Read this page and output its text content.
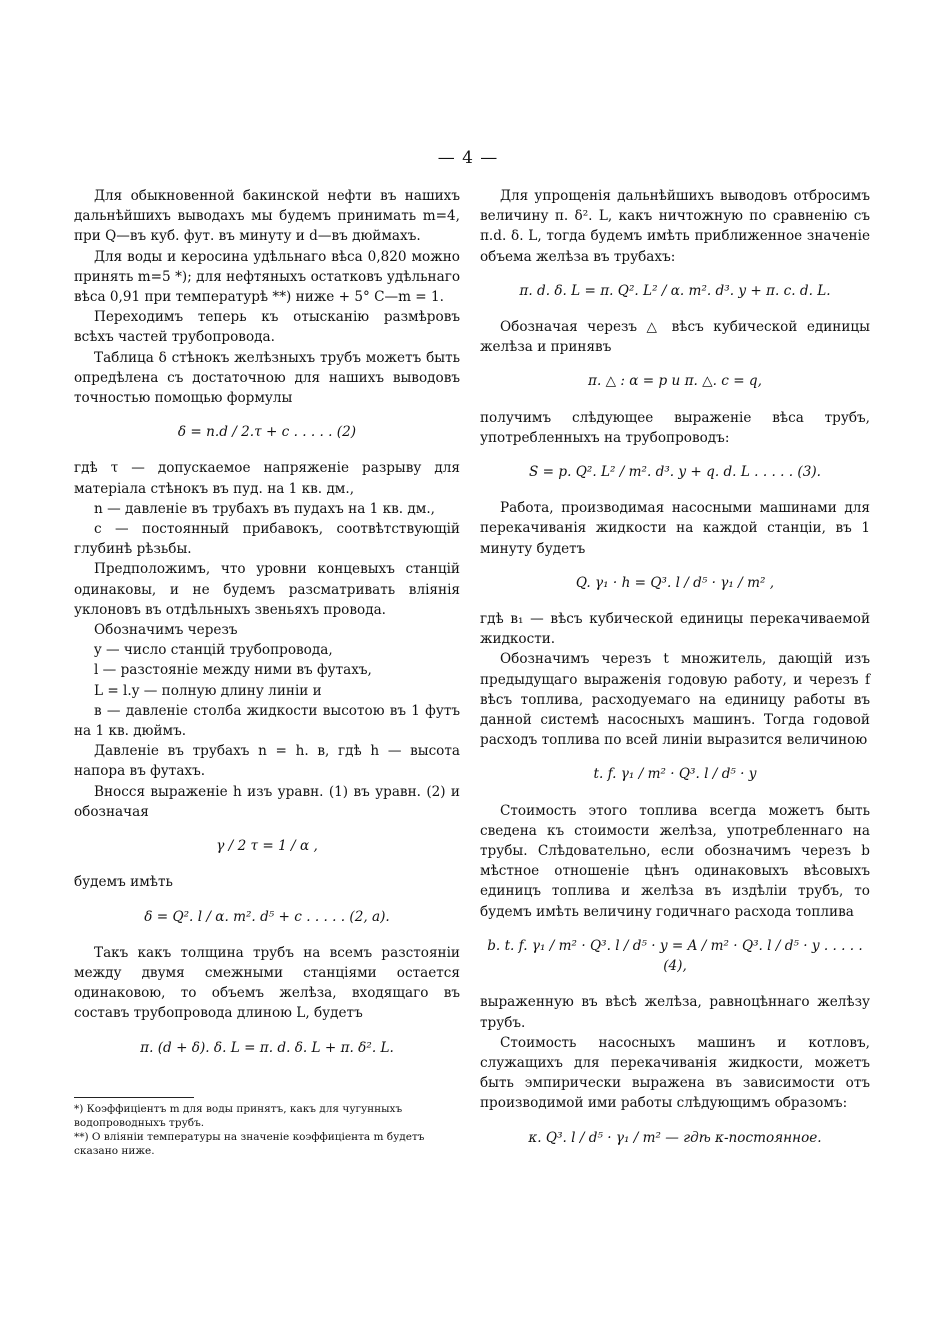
— 4 —

Для обыкновенной бакинской нефти въ нашихъ дальнѣйшихъ выводахъ мы будемъ принимать m=4, при Q—въ куб. фут. въ минуту и d—въ дюймахъ.

Для воды и керосина удѣльнаго вѣса 0,820 можно принять m=5 *); для нефтяныхъ остатковъ удѣльнаго вѣса 0,91 при температурѣ **) ниже + 5° C—m = 1.

Переходимъ теперь къ отысканію размѣровъ всѣхъ частей трубопровода.

Таблица δ стѣнокъ желѣзныхъ трубъ можетъ быть опредѣлена съ достаточною для нашихъ выводовъ точностью помощью формулы

δ = n.d / 2.τ + c . . . . . (2)

гдѣ τ — допускаемое напряженіе разрыву для матеріала стѣнокъ въ пуд. на 1 кв. дм.,

n — давленіе въ трубахъ въ пудахъ на 1 кв. дм.,

c — постоянный прибавокъ, соотвѣтствующій глубинѣ рѣзьбы.

Предположимъ, что уровни концевыхъ станцій одинаковы, и не будемъ разсматривать вліянія уклоновъ въ отдѣльныхъ звеньяхъ провода.

Обозначимъ черезъ

y — число станцій трубопровода,

l — разстояніе между ними въ футахъ,

L = l.y — полную длину линіи и

в — давленіе столба жидкости высотою въ 1 футъ на 1 кв. дюймъ.

Давленіе въ трубахъ n = h. в, гдѣ h — высота напора въ футахъ.

Вносся выраженіе h изъ уравн. (1) въ уравн. (2) и обозначая

γ / 2 τ = 1 / α ,

будемъ имѣть

δ = Q². l / α. m². d⁵ + c . . . . . (2, a).

Такъ какъ толщина трубъ на всемъ разстояніи между двумя смежными станціями остается одинаковою, то объемъ желѣза, входящаго въ составъ трубопровода длиною L, будетъ

π. (d + δ). δ. L = π. d. δ. L + π. δ². L.

Для упрощенія дальнѣйшихъ выводовъ отбросимъ величину π. δ². L, какъ ничтожную по сравненію съ π.d. δ. L, тогда будемъ имѣть приближенное значеніе объема желѣза въ трубахъ:

π. d. δ. L = π. Q². L² / α. m². d³. y + π. c. d. L.

Обозначая черезъ △ вѣсъ кубической единицы желѣза и принявъ

π. △ : α = p и π. △. c = q,

получимъ слѣдующее выраженіе вѣса трубъ, употребленныхъ на трубопроводъ:

S = p. Q². L² / m². d³. y + q. d. L . . . . . (3).

Работа, производимая насосными машинами для перекачиванія жидкости на каждой станціи, въ 1 минуту будетъ

Q. γ₁ · h = Q³. l / d⁵ · γ₁ / m² ,

гдѣ в₁ — вѣсъ кубической единицы перекачиваемой жидкости.

Обозначимъ черезъ t множитель, дающій изъ предыдущаго выраженія годовую работу, и черезъ f вѣсъ топлива, расходуемаго на единицу работы въ данной системѣ насосныхъ машинъ. Тогда годовой расходъ топлива по всей линіи выразится величиною

t. f. γ₁ / m² · Q³. l / d⁵ · y

Стоимость этого топлива всегда можетъ быть сведена къ стоимости желѣза, употребленнаго на трубы. Слѣдовательно, если обозначимъ черезъ b мѣстное отношеніе цѣнъ одинаковыхъ вѣсовыхъ единицъ топлива и желѣза въ издѣліи трубъ, то будемъ имѣть величину годичнаго расхода топлива

b. t. f. γ₁ / m² · Q³. l / d⁵ · y = A / m² · Q³. l / d⁵ · y . . . . . (4),

выраженную въ вѣсѣ желѣза, равноцѣннаго желѣзу трубъ.

Стоимость насосныхъ машинъ и котловъ, служащихъ для перекачиванія жидкости, можетъ быть эмпирически выражена въ зависимости отъ производимой ими работы слѣдующимъ образомъ:

κ. Q³. l / d⁵ · γ₁ / m² — гдѣ κ-постоянное.

*) Коэффиціентъ m для воды принятъ, какъ для чугунныхъ водопроводныхъ трубъ.
**) О вліяніи температуры на значеніе коэффиціента m будетъ сказано ниже.
